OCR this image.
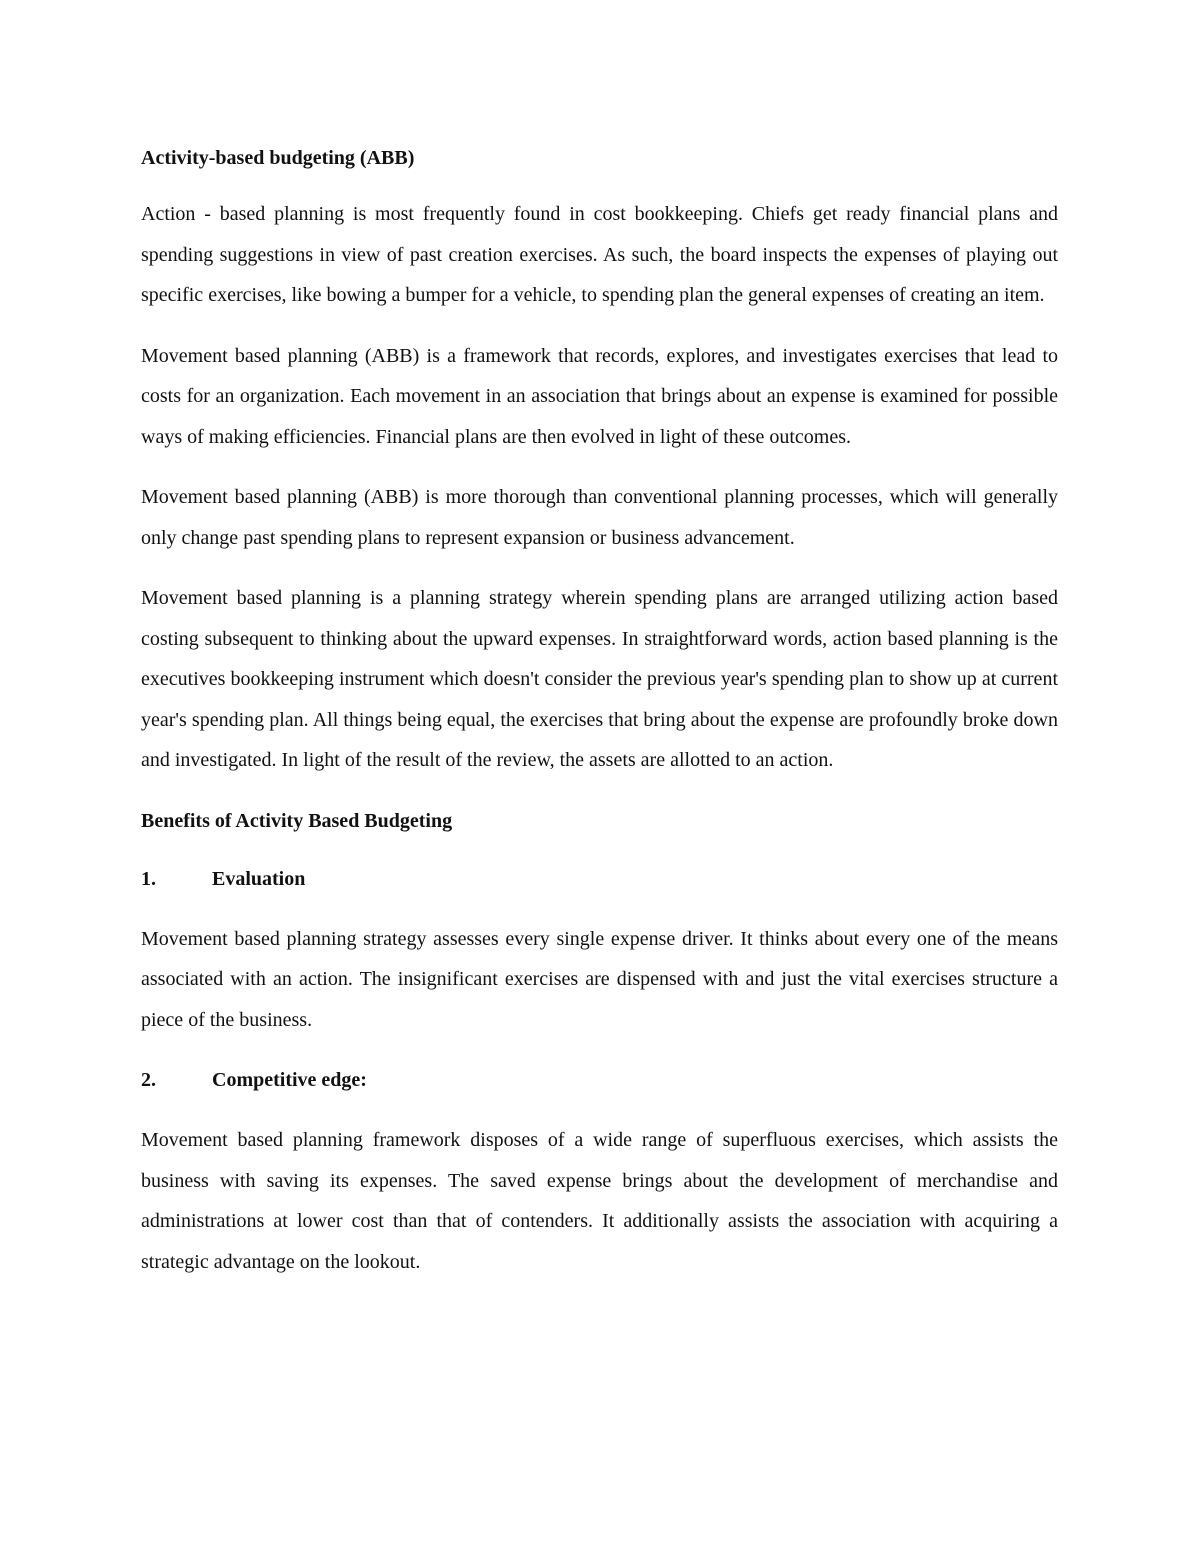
Activity-based budgeting (ABB)

Action - based planning is most frequently found in cost bookkeeping. Chiefs get ready financial plans and spending suggestions in view of past creation exercises. As such, the board inspects the expenses of playing out specific exercises, like bowing a bumper for a vehicle, to spending plan the general expenses of creating an item.

Movement based planning (ABB) is a framework that records, explores, and investigates exercises that lead to costs for an organization. Each movement in an association that brings about an expense is examined for possible ways of making efficiencies. Financial plans are then evolved in light of these outcomes.

Movement based planning (ABB) is more thorough than conventional planning processes, which will generally only change past spending plans to represent expansion or business advancement.

Movement based planning is a planning strategy wherein spending plans are arranged utilizing action based costing subsequent to thinking about the upward expenses. In straightforward words, action based planning is the executives bookkeeping instrument which doesn't consider the previous year's spending plan to show up at current year's spending plan. All things being equal, the exercises that bring about the expense are profoundly broke down and investigated. In light of the result of the review, the assets are allotted to an action.

Benefits of Activity Based Budgeting

1.	Evaluation

Movement based planning strategy assesses every single expense driver. It thinks about every one of the means associated with an action. The insignificant exercises are dispensed with and just the vital exercises structure a piece of the business.

2.	Competitive edge:

Movement based planning framework disposes of a wide range of superfluous exercises, which assists the business with saving its expenses. The saved expense brings about the development of merchandise and administrations at lower cost than that of contenders. It additionally assists the association with acquiring a strategic advantage on the lookout.
